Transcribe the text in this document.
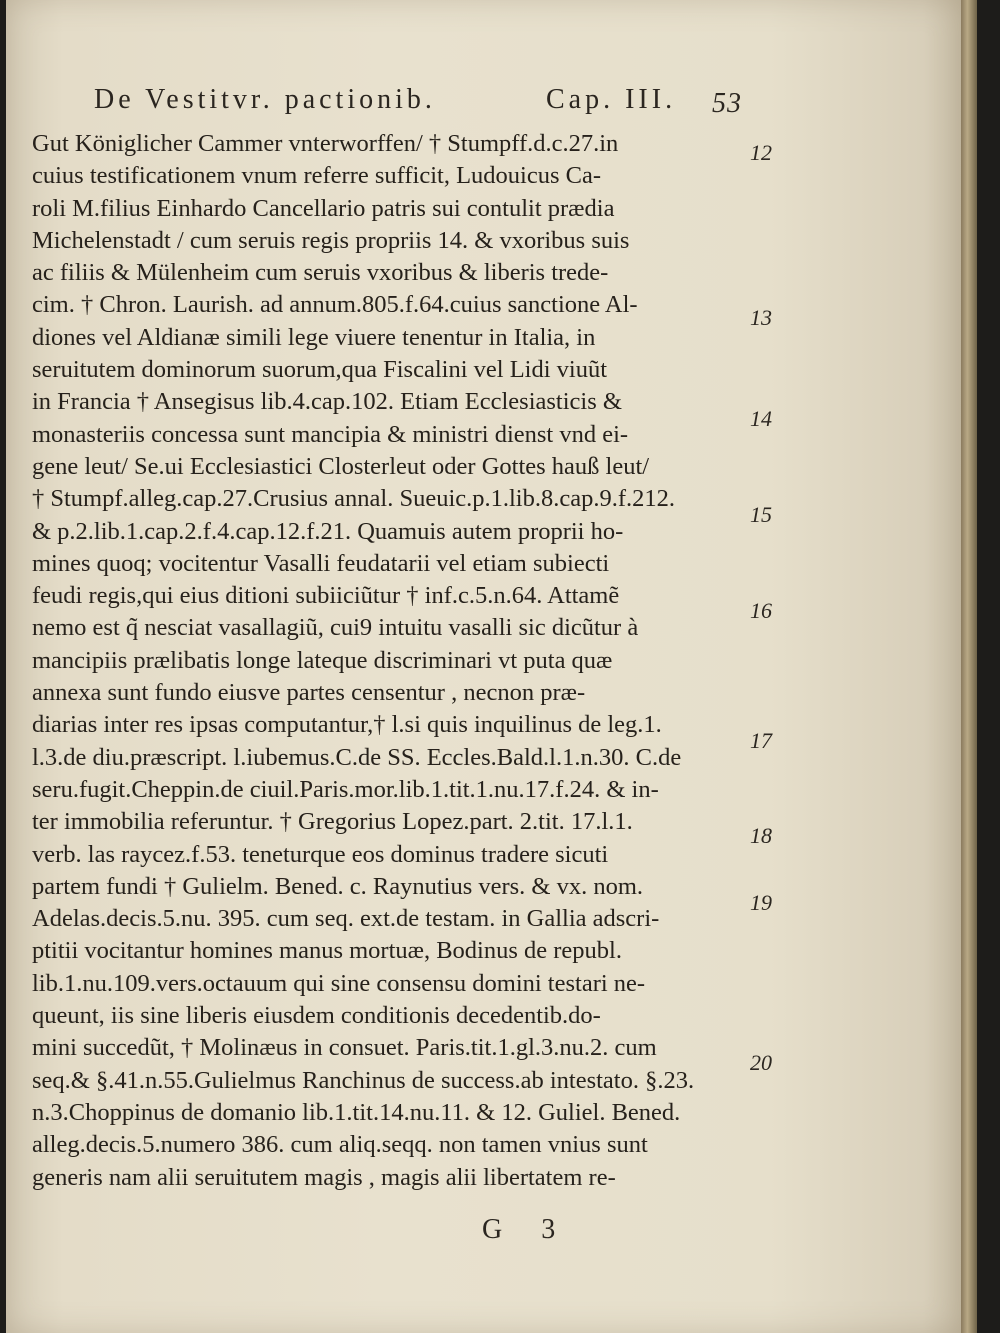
De Vestitvr. pactionib.	Cap. III. 53
Gut Königlicher Cammer vnterworffen/ † Stumpff.d.c.27.in
cuius testificationem vnum referre sufficit, Ludouicus Ca-
roli M.filius Einhardo Cancellario patris sui contulit prædia
Michelenstadt / cum seruis regis propriis 14. & vxoribus suis
ac filiis & Mülenheim cum seruis vxoribus & liberis trede-
cim. † Chron. Laurish. ad annum.805.f.64.cuius sanctione Al-
diones vel Aldianæ simili lege viuere tenentur in Italia, in
seruitutem dominorum suorum,qua Fiscalini vel Lidi viuũt
in Francia † Ansegisus lib.4.cap.102. Etiam Ecclesiasticis &
monasteriis concessa sunt mancipia & ministri dienst vnd ei-
gene leut/ Se.ui Ecclesiastici Closterleut oder Gottes hauß leut/
† Stumpf.alleg.cap.27.Crusius annal. Sueuic.p.1.lib.8.cap.9.f.212.
& p.2.lib.1.cap.2.f.4.cap.12.f.21. Quamuis autem proprii ho-
mines quoq; vocitentur Vasalli feudatarii vel etiam subiecti
feudi regis,qui eius ditioni subiiciũtur † inf.c.5.n.64. Attamẽ
nemo est q̃ nesciat vasallagiũ, cui9 intuitu vasalli sic dicũtur à
mancipiis prælibatis longe lateque discriminari vt puta quæ
annexa sunt fundo eiusve partes censentur , necnon præ-
diarias inter res ipsas computantur,† l.si quis inquilinus de leg.1.
l.3.de diu.præscript. l.iubemus.C.de SS. Eccles.Bald.l.1.n.30. C.de
seru.fugit.Cheppin.de ciuil.Paris.mor.lib.1.tit.1.nu.17.f.24. & in-
ter immobilia referuntur. † Gregorius Lopez.part. 2.tit. 17.l.1.
verb. las raycez.f.53. teneturque eos dominus tradere sicuti
partem fundi † Gulielm. Bened. c. Raynutius vers. & vx. nom.
Adelas.decis.5.nu. 395. cum seq. ext.de testam. in Gallia adscri-
ptitii vocitantur homines manus mortuæ, Bodinus de republ.
lib.1.nu.109.vers.octauum qui sine consensu domini testari ne-
queunt, iis sine liberis eiusdem conditionis decedentib.do-
mini succedũt, † Molinæus in consuet. Paris.tit.1.gl.3.nu.2. cum
seq.& §.41.n.55.Gulielmus Ranchinus de success.ab intestato. §.23.
n.3.Choppinus de domanio lib.1.tit.14.nu.11. & 12. Guliel. Bened.
alleg.decis.5.numero 386. cum aliq.seqq. non tamen vnius sunt
generis nam alii seruitutem magis , magis alii libertatem re-
12
13
14
15
16
17
18
19
20
G 3
